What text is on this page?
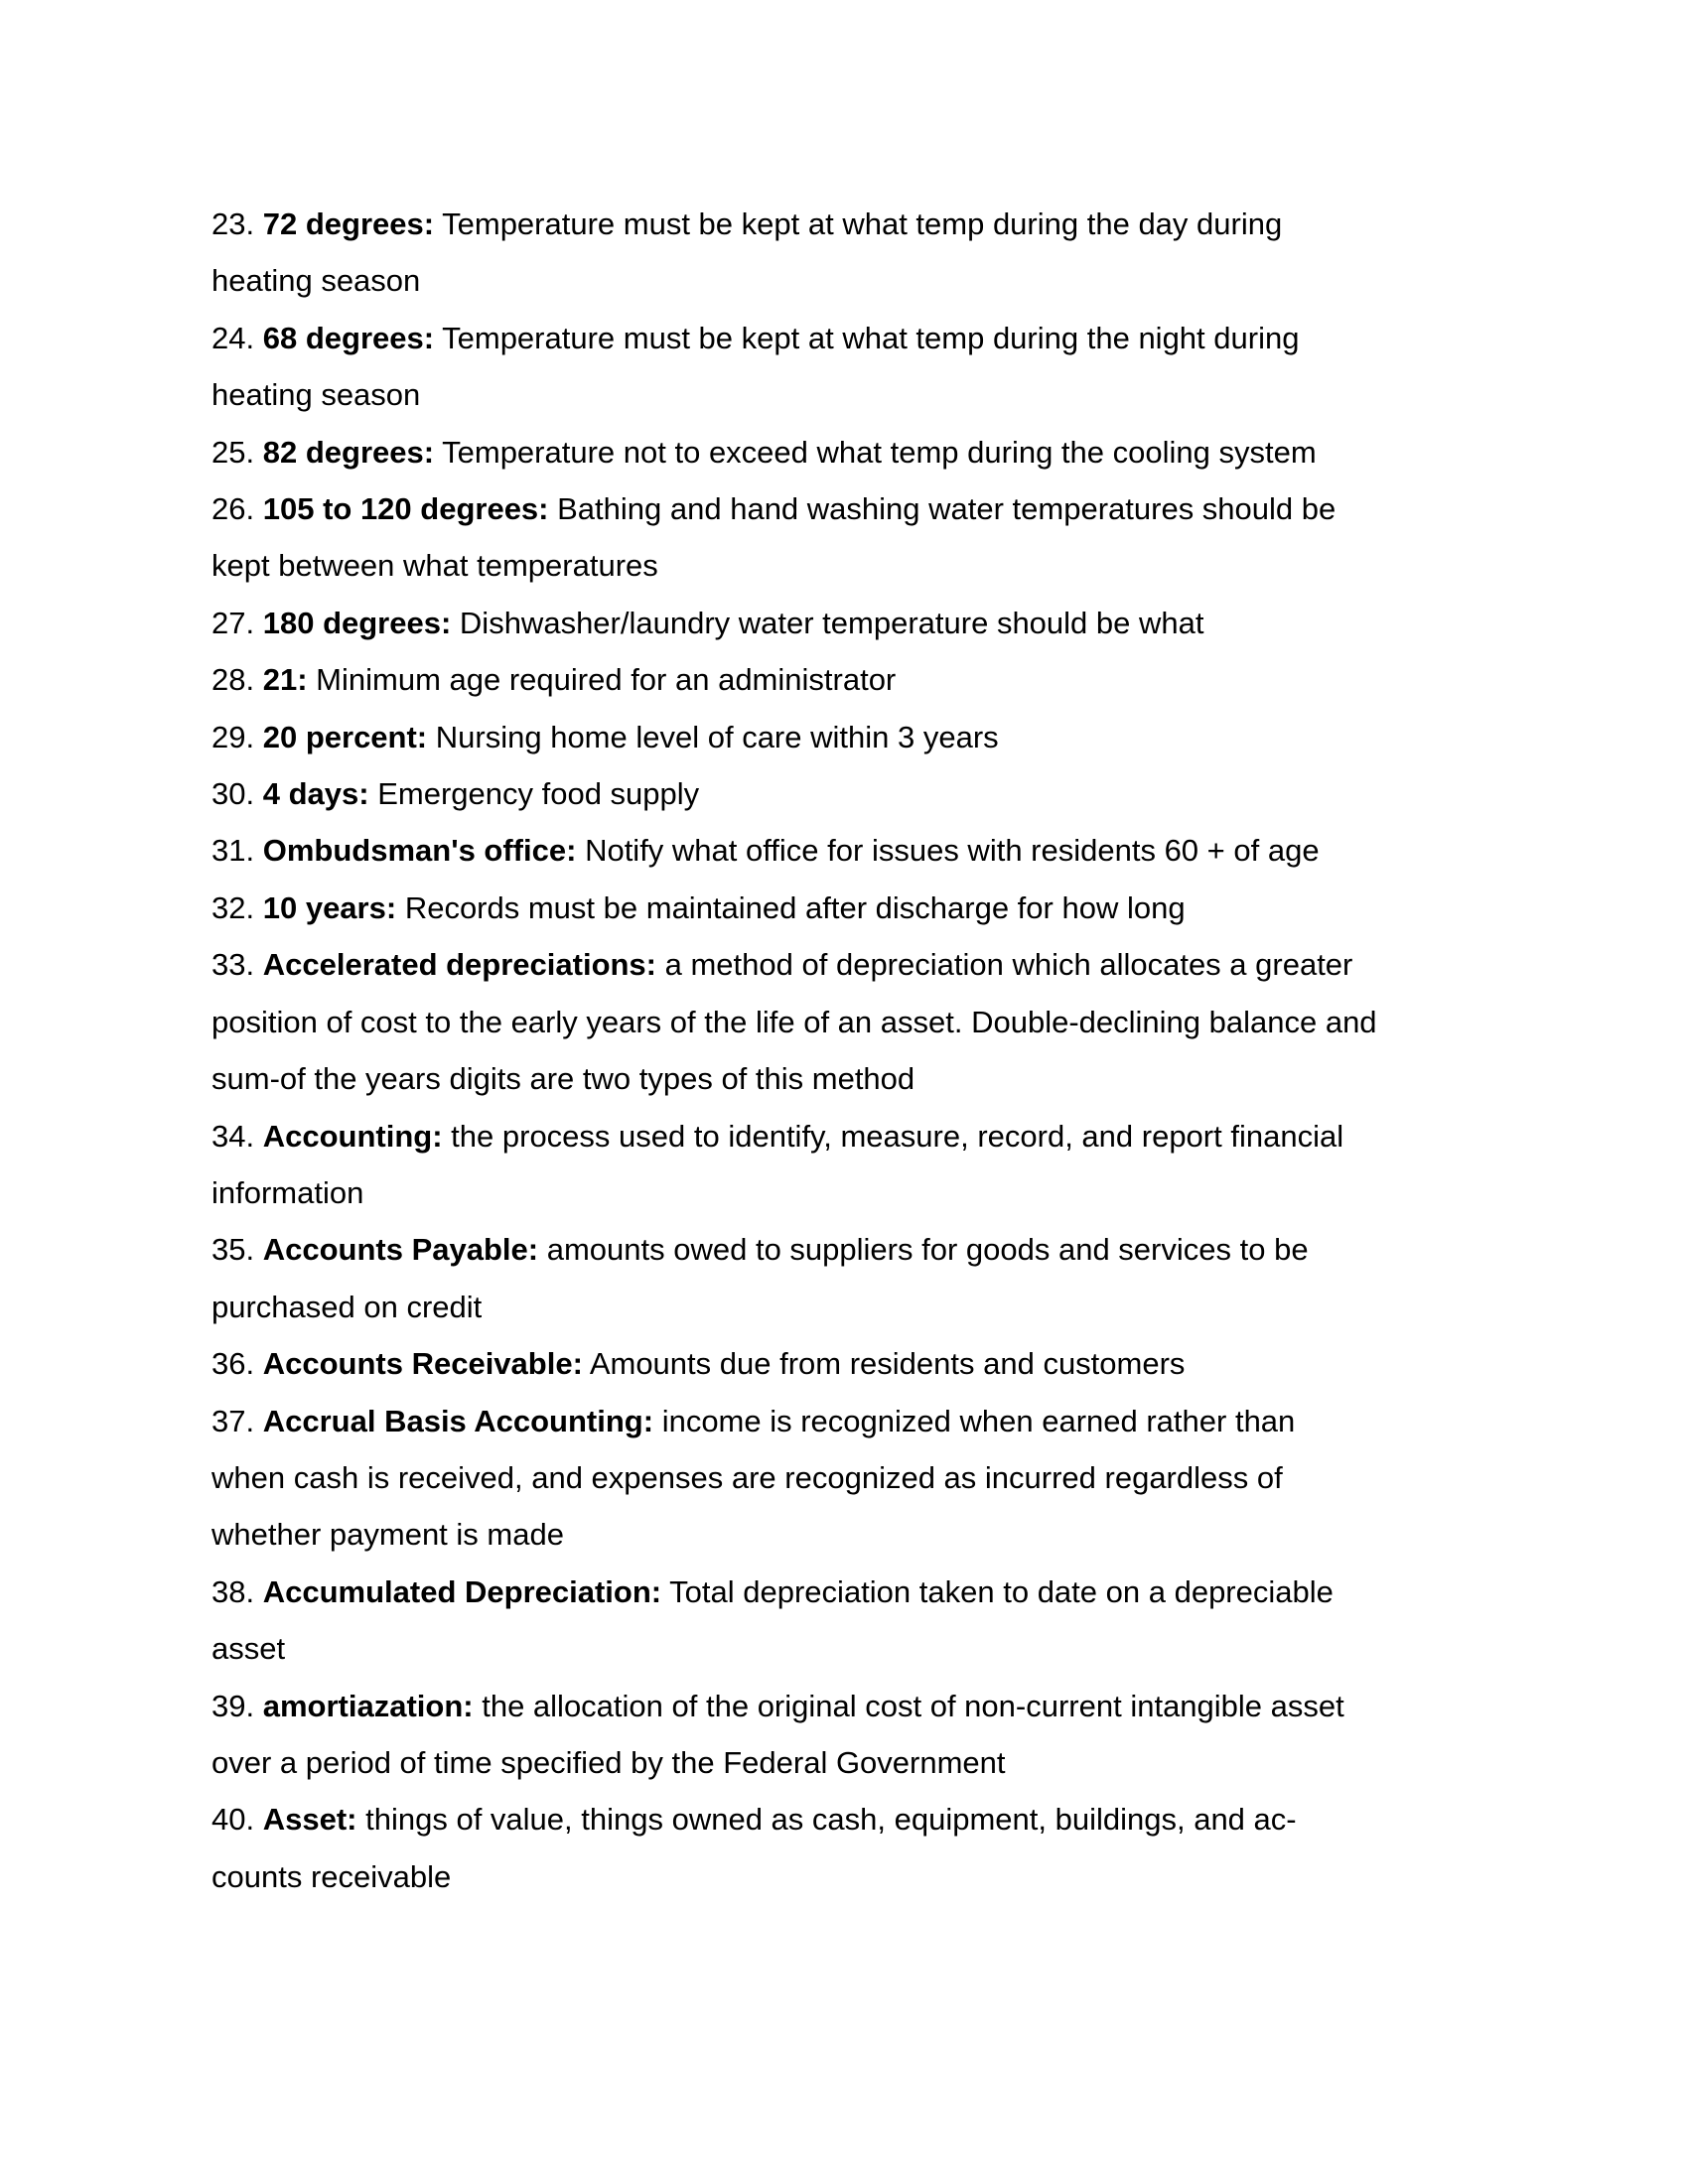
23. 72 degrees: Temperature must be kept at what temp during the day during
heating season

24. 68 degrees: Temperature must be kept at what temp during the night during
heating season

25. 82 degrees: Temperature not to exceed what temp during the cooling system

26. 105 to 120 degrees: Bathing and hand washing water temperatures should be
kept between what temperatures

27. 180 degrees: Dishwasher/laundry water temperature should be what

28. 21: Minimum age required for an administrator

29. 20 percent: Nursing home level of care within 3 years

30. 4 days: Emergency food supply

31. Ombudsman's office: Notify what office for issues with residents 60 + of age

32. 10 years: Records must be maintained after discharge for how long

33. Accelerated depreciations: a method of depreciation which allocates a greater
position of cost to the early years of the life of an asset. Double-declining balance and
sum-of the years digits are two types of this method

34. Accounting: the process used to identify, measure, record, and report financial
information

35. Accounts Payable: amounts owed to suppliers for goods and services to be
purchased on credit

36. Accounts Receivable: Amounts due from residents and customers

37. Accrual Basis Accounting: income is recognized when earned rather than
when cash is received, and expenses are recognized as incurred regardless of
whether payment is made

38. Accumulated Depreciation: Total depreciation taken to date on a depreciable
asset

39. amortiazation: the allocation of the original cost of non-current intangible asset
over a period of time specified by the Federal Government

40. Asset: things of value, things owned as cash, equipment, buildings, and ac-
counts receivable
